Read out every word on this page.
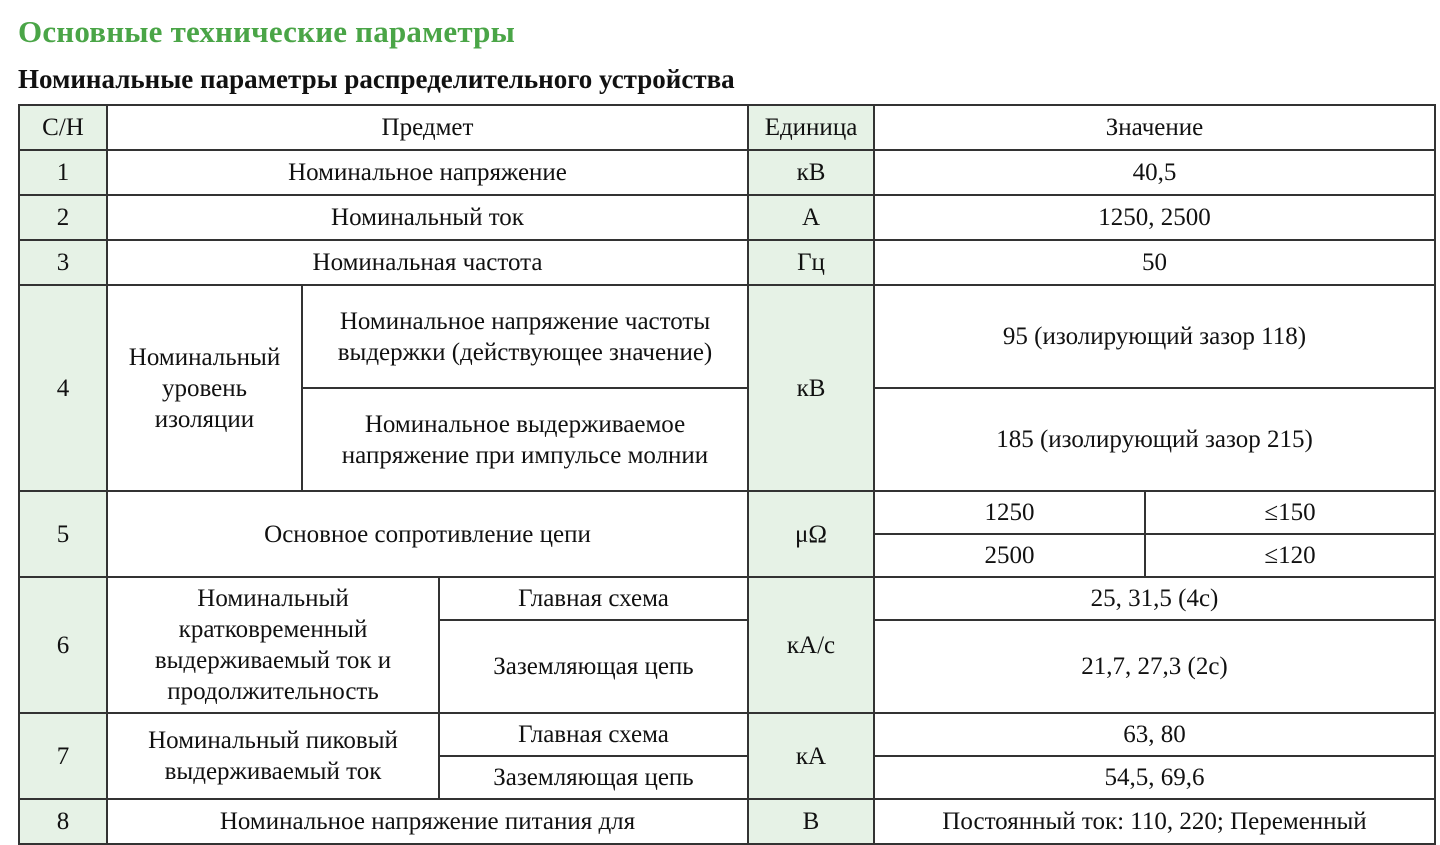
Основные технические параметры
Номинальные параметры распределительного устройства
С/Н	Предмет			Единица	Значение	
1	Номинальное напряжение			кВ	40,5	
2	Номинальный ток			А	1250, 2500	
3	Номинальная частота			Гц	50	
4	Номинальный уровень изоляции	Номинальное напряжение частоты выдержки (действующее значение)		кВ	95 (изолирующий зазор 118)	
		Номинальное выдерживаемое напряжение при импульсе молнии			185 (изолирующий зазор 215)	
5	Основное сопротивление цепи			μΩ	1250	≤150
					2500	≤120
6	Номинальный кратковременный выдерживаемый ток и продолжительность		Главная схема	кА/с	25, 31,5 (4с)	
			Заземляющая цепь		21,7, 27,3 (2с)	
7	Номинальный пиковый выдерживаемый ток		Главная схема	кА	63, 80	
			Заземляющая цепь		54,5, 69,6	
8	Номинальное напряжение питания для			В	Постоянный ток: 110, 220; Переменный	
